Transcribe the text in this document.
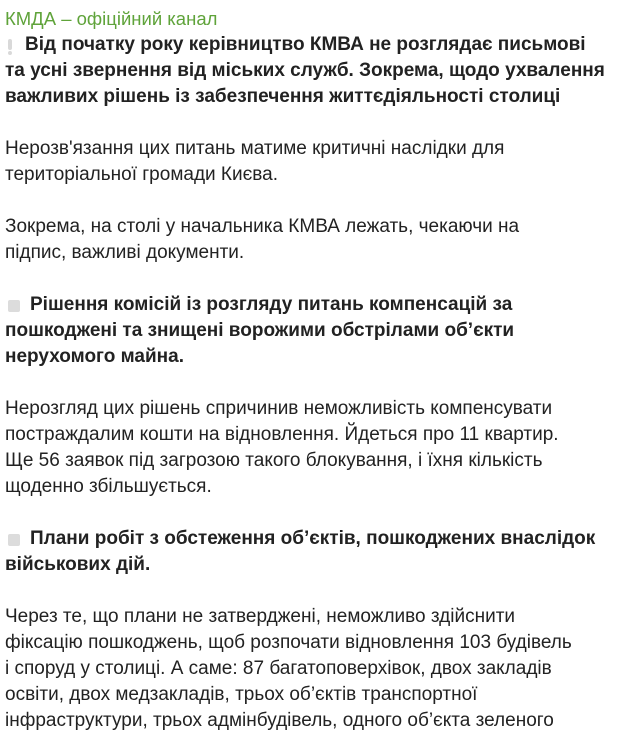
КМДА – офіційний канал
Від початку року керівництво КМВА не розглядає письмові
та усні звернення від міських служб. Зокрема, щодо ухвалення
важливих рішень із забезпечення життєдіяльності столиці
Нерозв'язання цих питань матиме критичні наслідки для
територіальної громади Києва.
Зокрема, на столі у начальника КМВА лежать, чекаючи на
підпис, важливі документи.
Рішення комісій із розгляду питань компенсацій за
пошкоджені та знищені ворожими обстрілами об’єкти
нерухомого майна.
Нерозгляд цих рішень спричинив неможливість компенсувати
постраждалим кошти на відновлення. Йдеться про 11 квартир.
Ще 56 заявок під загрозою такого блокування, і їхня кількість
щоденно збільшується.
Плани робіт з обстеження об’єктів, пошкоджених внаслідок
військових дій.
Через те, що плани не затверджені, неможливо здійснити
фіксацію пошкоджень, щоб розпочати відновлення 103 будівель
і споруд у столиці. А саме: 87 багатоповерхівок, двох закладів
освіти, двох медзакладів, трьох об’єктів транспортної
інфраструктури, трьох адмінбудівель, одного об’єкта зеленого
